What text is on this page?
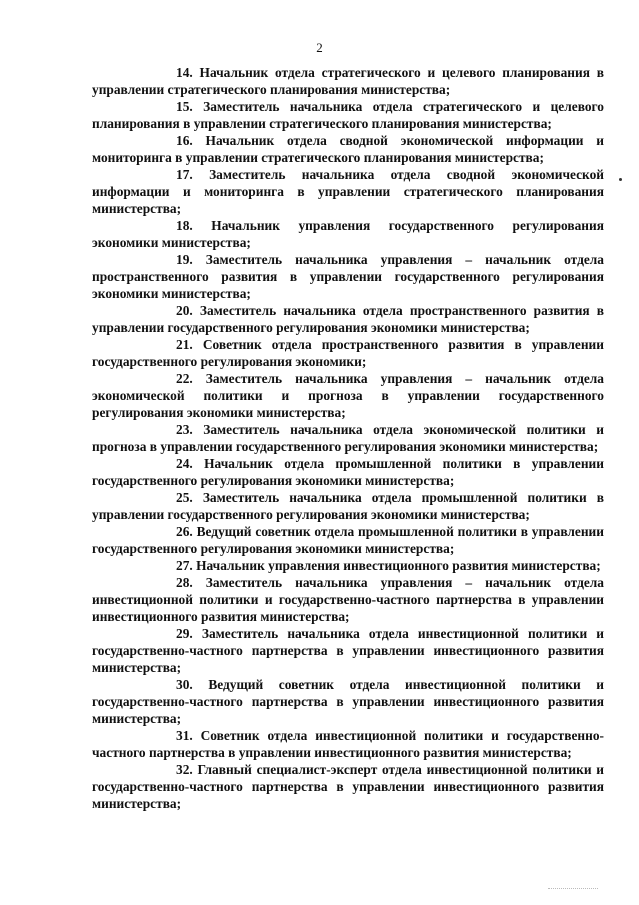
2

14. Начальник отдела стратегического и целевого планирования в управлении стратегического планирования министерства;

15. Заместитель начальника отдела стратегического и целевого планирования в управлении стратегического планирования министерства;

16. Начальник отдела сводной экономической информации и мониторинга в управлении стратегического планирования министерства;

17. Заместитель начальника отдела сводной экономической информации и мониторинга в управлении стратегического планирования министерства;

18. Начальник управления государственного регулирования экономики министерства;

19. Заместитель начальника управления – начальник отдела пространственного развития в управлении государственного регулирования экономики министерства;

20. Заместитель начальника отдела пространственного развития в управлении государственного регулирования экономики министерства;

21. Советник отдела пространственного развития в управлении государственного регулирования экономики;

22. Заместитель начальника управления – начальник отдела экономической политики и прогноза в управлении государственного регулирования экономики министерства;

23. Заместитель начальника отдела экономической политики и прогноза в управлении государственного регулирования экономики министерства;

24. Начальник отдела промышленной политики в управлении государственного регулирования экономики министерства;

25. Заместитель начальника отдела промышленной политики в управлении государственного регулирования экономики министерства;

26. Ведущий советник отдела промышленной политики в управлении государственного регулирования экономики министерства;

27. Начальник управления инвестиционного развития министерства;

28. Заместитель начальника управления – начальник отдела инвестиционной политики и государственно-частного партнерства в управлении инвестиционного развития министерства;

29. Заместитель начальника отдела инвестиционной политики и государственно-частного партнерства в управлении инвестиционного развития министерства;

30. Ведущий советник отдела инвестиционной политики и государственно-частного партнерства в управлении инвестиционного развития министерства;

31. Советник отдела инвестиционной политики и государственно-частного партнерства в управлении инвестиционного развития министерства;

32. Главный специалист-эксперт отдела инвестиционной политики и государственно-частного партнерства в управлении инвестиционного развития министерства;
